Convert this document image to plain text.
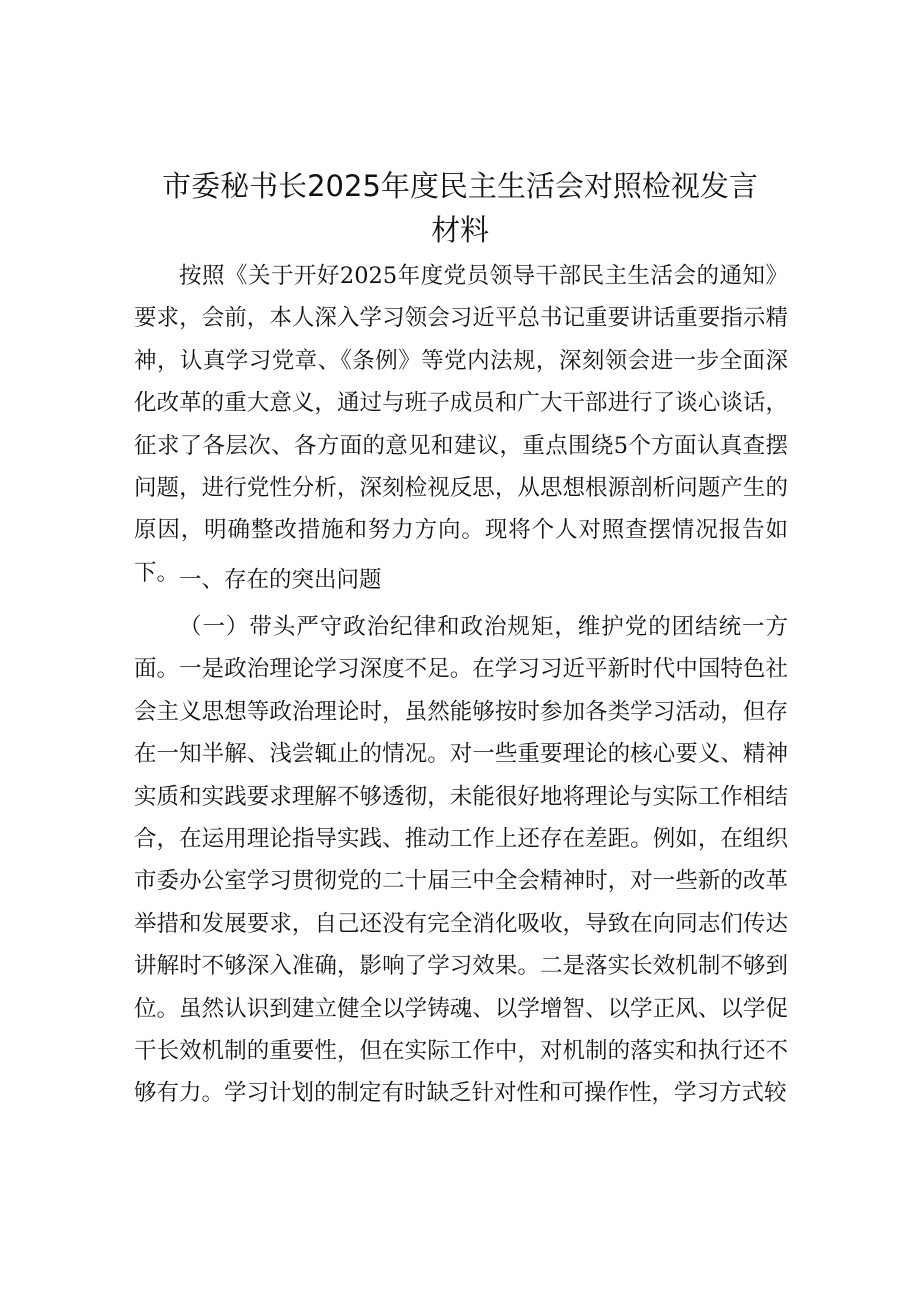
市委秘书长2025年度民主生活会对照检视发言
材料

按照《关于开好2025年度党员领导干部民主生活会的通知》要求，会前，本人深入学习领会习近平总书记重要讲话重要指示精神，认真学习党章、《条例》等党内法规，深刻领会进一步全面深化改革的重大意义，通过与班子成员和广大干部进行了谈心谈话，征求了各层次、各方面的意见和建议，重点围绕5个方面认真查摆问题，进行党性分析，深刻检视反思，从思想根源剖析问题产生的原因，明确整改措施和努力方向。现将个人对照查摆情况报告如下。 一、存在的突出问题

（一）带头严守政治纪律和政治规矩，维护党的团结统一方面。一是政治理论学习深度不足。在学习习近平新时代中国特色社会主义思想等政治理论时，虽然能够按时参加各类学习活动，但存在一知半解、浅尝辄止的情况。对一些重要理论的核心要义、精神实质和实践要求理解不够透彻，未能很好地将理论与实际工作相结合，在运用理论指导实践、推动工作上还存在差距。例如，在组织市委办公室学习贯彻党的二十届三中全会精神时，对一些新的改革举措和发展要求，自己还没有完全消化吸收，导致在向同志们传达讲解时不够深入准确，影响了学习效果。二是落实长效机制不够到位。虽然认识到建立健全以学铸魂、以学增智、以学正风、以学促干长效机制的重要性，但在实际工作中，对机制的落实和执行还不够有力。学习计划的制定有时缺乏针对性和可操作性，学习方式较
